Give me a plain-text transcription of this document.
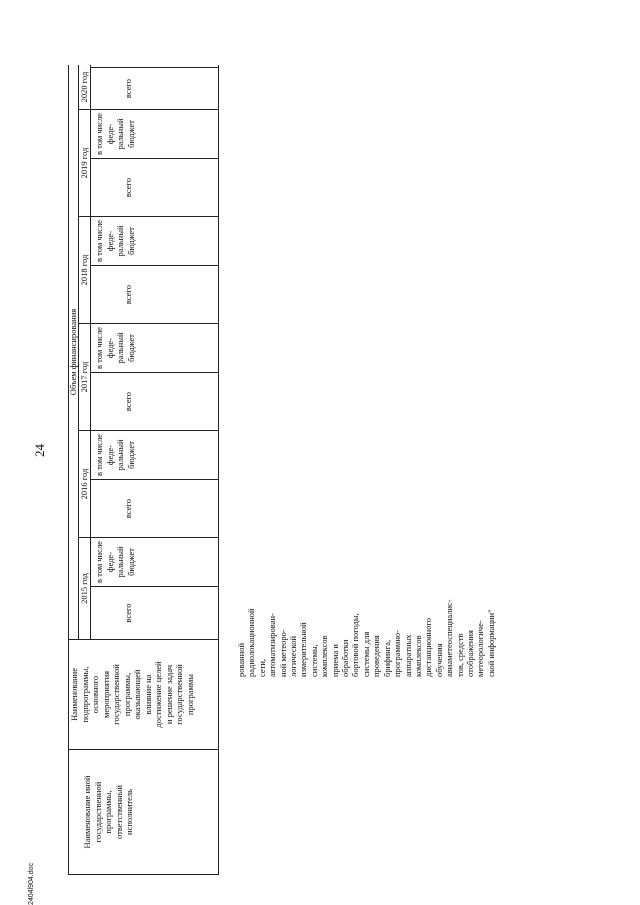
2404l904.doc
24
Наименование иной
государственной
программы,
ответственный
исполнитель
Наименование
подпрограммы,
основного
мероприятия
государственной
программы,
оказывающей
влияние на
достижение целей
и решение задач
государственной
программы
Объем финансирования
2015 год
2016 год
2017 год
2018 год
2019 год
2020 год
всего
в том числе
феде-
ральный
бюджет
всего
в том числе
феде-
ральный
бюджет
всего
в том числе
феде-
ральный
бюджет
всего
в том числе
феде-
ральный
бюджет
всего
в том числе
феде-
ральный
бюджет
всего
рованной
радиолокационной
сети,
автоматизирован-
ной метеоро-
логической
измерительной
системы,
комплексов
приема и
обработки
бортовой погоды,
системы для
проведения
брифинга,
программно-
аппаратных
комплексов
дистанционного
обучения
авиаметеоспециалис-
тов, средств
отображения
метеорологиче-
ской информации"
